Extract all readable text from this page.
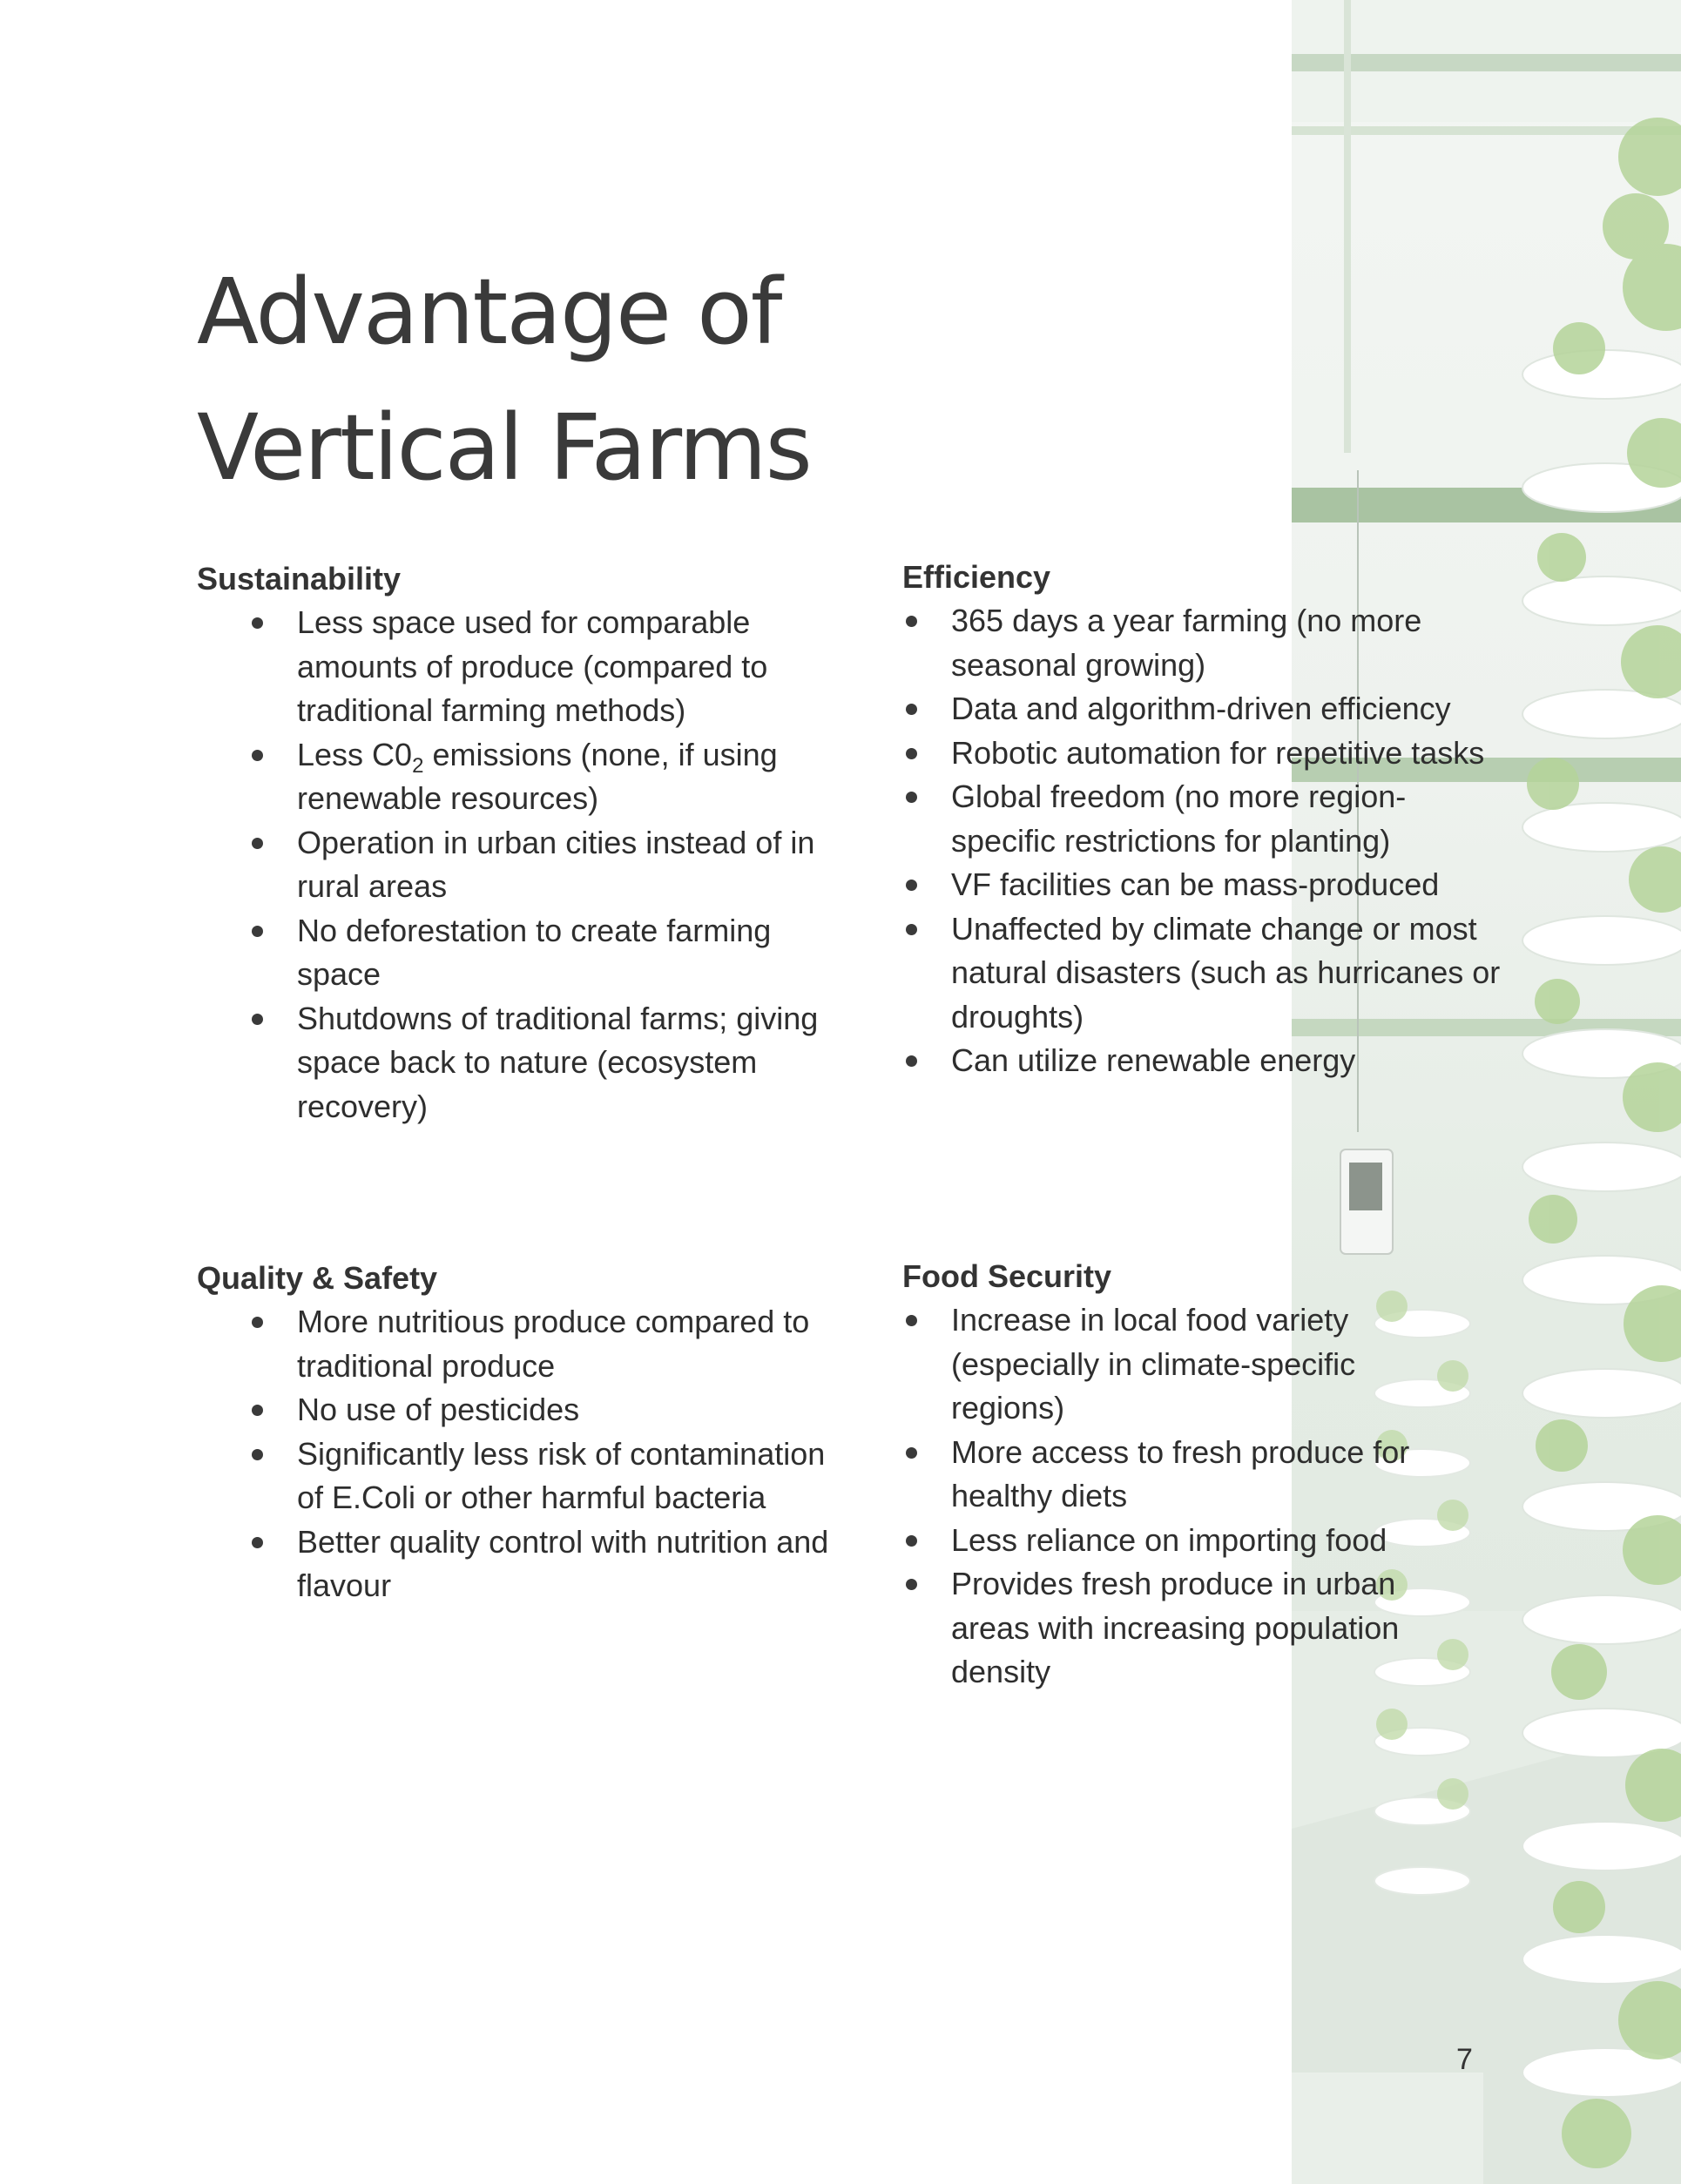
Advantage of
Vertical Farms
Sustainability
Less space used for comparable amounts of produce (compared to traditional farming methods)
Less $C0_2$ emissions (none, if using renewable resources)
Operation in urban cities instead of in rural areas
No deforestation to create farming space
Shutdowns of traditional farms; giving space back to nature (ecosystem recovery)
Efficiency
365 days a year farming (no more seasonal growing)
Data and algorithm-driven efficiency
Robotic automation for repetitive tasks
Global freedom (no more region-specific restrictions for planting)
VF facilities can be mass-produced
Unaffected by climate change or most natural disasters (such as hurricanes or droughts)
Can utilize renewable energy
Quality & Safety
More nutritious produce compared to traditional produce
No use of pesticides
Significantly less risk of contamination of E.Coli or other harmful bacteria
Better quality control with nutrition and flavour
Food Security
Increase in local food variety (especially in climate-specific regions)
More access to fresh produce for healthy diets
Less reliance on importing food
Provides fresh produce in urban areas with increasing population density
7
